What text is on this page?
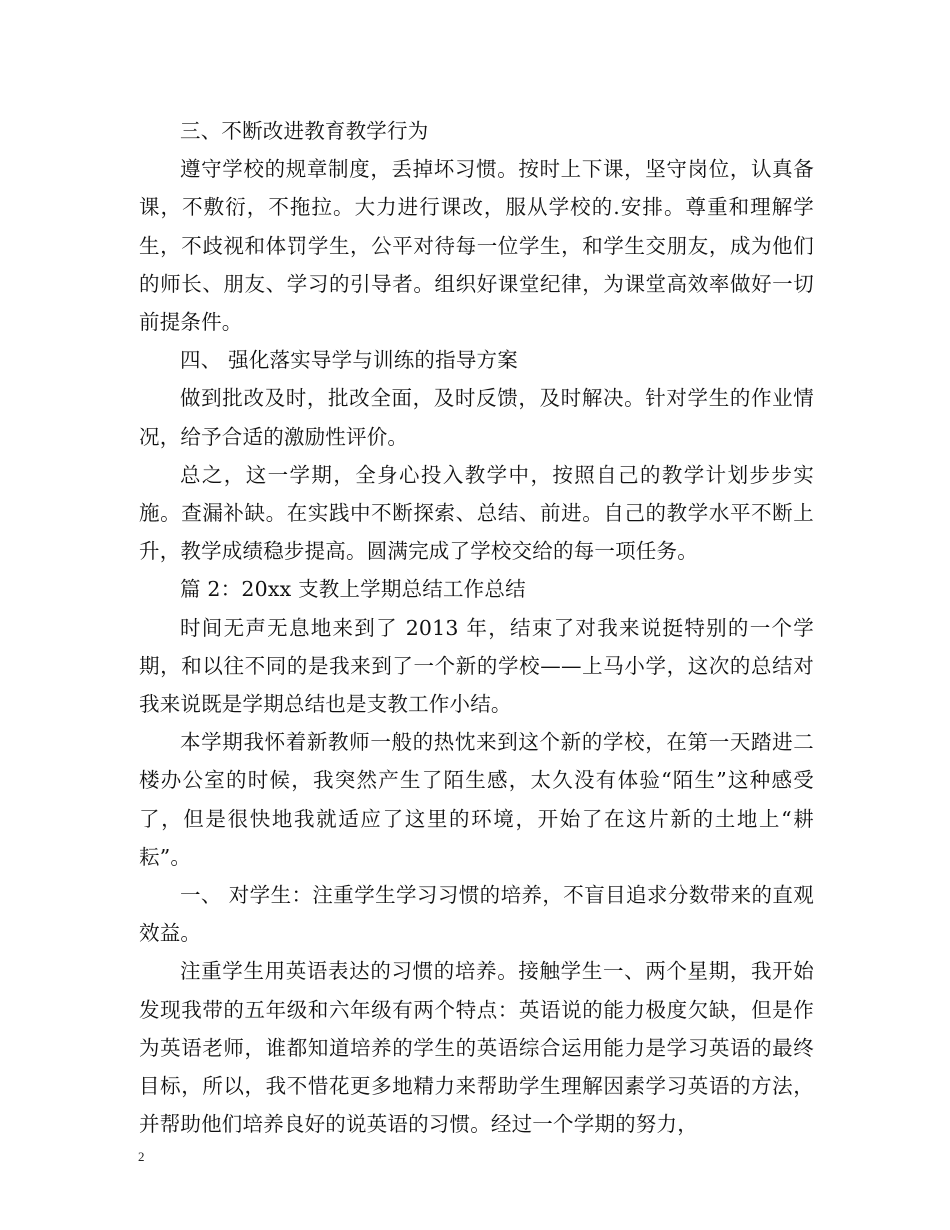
三、不断改进教育教学行为

遵守学校的规章制度，丢掉坏习惯。按时上下课，坚守岗位，认真备课，不敷衍，不拖拉。大力进行课改，服从学校的.安排。尊重和理解学生，不歧视和体罚学生，公平对待每一位学生，和学生交朋友，成为他们的师长、朋友、学习的引导者。组织好课堂纪律，为课堂高效率做好一切前提条件。

四、 强化落实导学与训练的指导方案

做到批改及时，批改全面，及时反馈，及时解决。针对学生的作业情况，给予合适的激励性评价。

总之，这一学期，全身心投入教学中，按照自己的教学计划步步实施。查漏补缺。在实践中不断探索、总结、前进。自己的教学水平不断上升，教学成绩稳步提高。圆满完成了学校交给的每一项任务。

篇 2：20xx 支教上学期总结工作总结

时间无声无息地来到了 2013 年，结束了对我来说挺特别的一个学期，和以往不同的是我来到了一个新的学校——上马小学，这次的总结对我来说既是学期总结也是支教工作小结。

本学期我怀着新教师一般的热忱来到这个新的学校，在第一天踏进二楼办公室的时候，我突然产生了陌生感，太久没有体验“陌生”这种感受了，但是很快地我就适应了这里的环境，开始了在这片新的土地上“耕耘”。

一、 对学生：注重学生学习习惯的培养，不盲目追求分数带来的直观效益。

注重学生用英语表达的习惯的培养。接触学生一、两个星期，我开始发现我带的五年级和六年级有两个特点：英语说的能力极度欠缺，但是作为英语老师，谁都知道培养的学生的英语综合运用能力是学习英语的最终目标，所以，我不惜花更多地精力来帮助学生理解因素学习英语的方法，并帮助他们培养良好的说英语的习惯。经过一个学期的努力，

2
